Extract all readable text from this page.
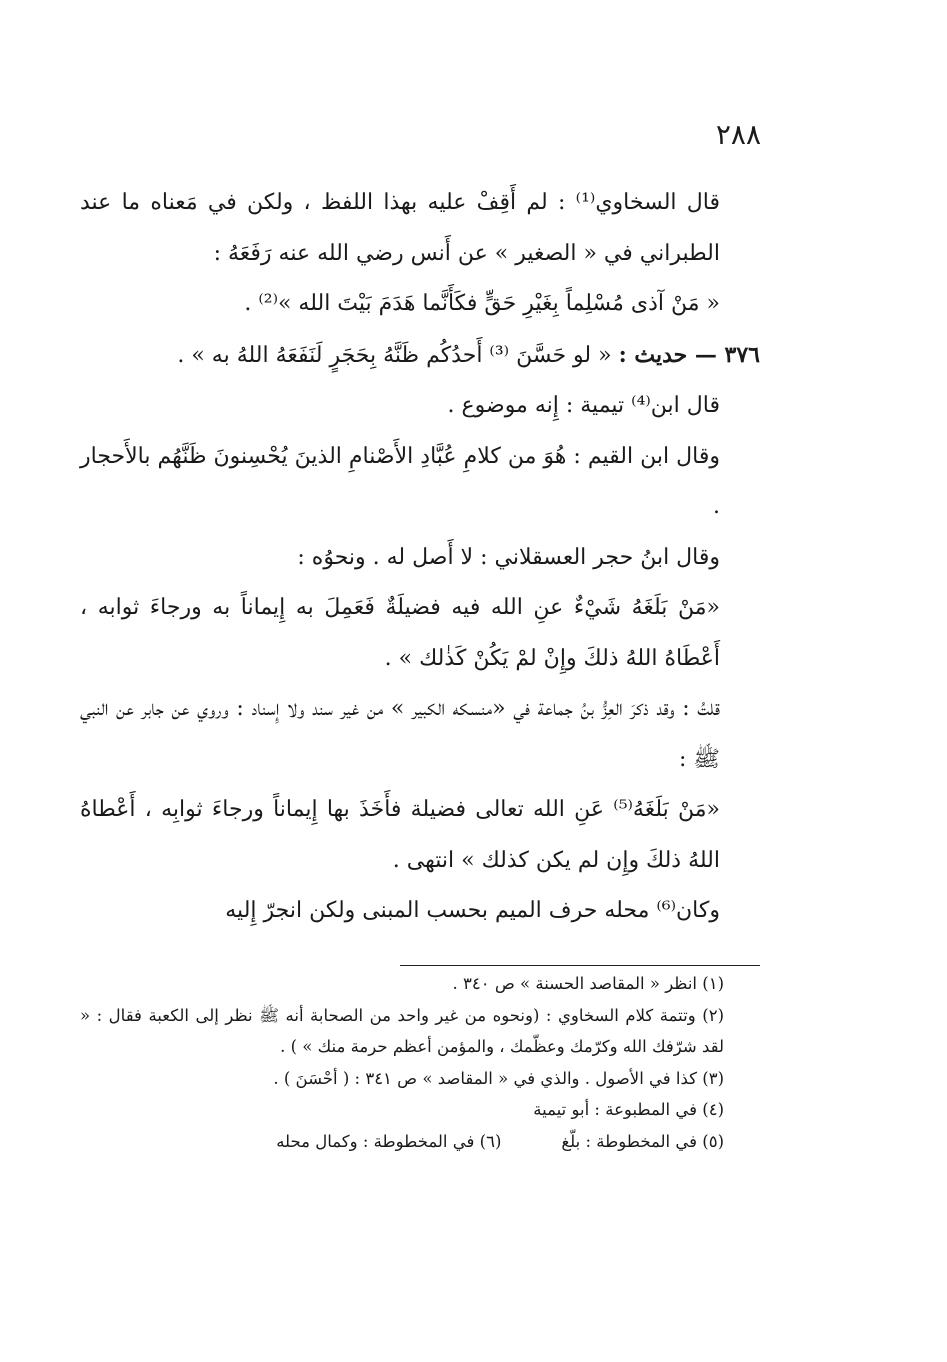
٢٨٨

قال السخاوي⁽¹⁾ : لم أَقِفْ عليه بهذا اللفظ ، ولكن في مَعناه ما عند الطبراني في « الصغير » عن أَنس رضي الله عنه رَفَعَهُ :

« مَنْ آذى مُسْلِماً بِغَيْرِ حَقٍّ فكَأَنَّما هَدَمَ بَيْتَ الله »⁽²⁾ .

٣٧٦ — حديث : « لو حَسَّنَ ⁽³⁾ أَحدُكُم ظَنَّهُ بِحَجَرٍ لَنَفَعَهُ اللهُ به » .

قال ابن⁽⁴⁾ تيمية : إِنه موضوع .

وقال ابن القيم : هُوَ من كلامِ عُبَّادِ الأَصْنامِ الذينَ يُحْسِنونَ ظَنَّهُم بالأَحجار .

وقال ابنُ حجر العسقلاني : لا أَصل له . ونحوُه :

«مَنْ بَلَغَهُ شَيْءٌ عنِ الله فيه فضيلَةٌ فَعَمِلَ به إِيماناً به ورجاءَ ثوابه ، أَعْطَاهُ اللهُ ذلكَ وإِنْ لمْ يَكُنْ كَذٰلك » .

قلتُ : وقد ذكرَ العِزُّ بنُ جماعة في «منسكه الكبير » من غير سند ولا إِسناد : وروي عن جابر عن النبي ﷺ :

«مَنْ بَلَغَهُ⁽⁵⁾ عَنِ الله تعالى فضيلة فأَخَذَ بها إِيماناً ورجاءَ ثوابِه ، أَعْطاهُ اللهُ ذلكَ وإِن لم يكن كذلك » انتهى .

وكان⁽⁶⁾ محله حرف الميم بحسب المبنى ولكن انجرّ إِليه

(١) انظر « المقاصد الحسنة » ص ٣٤٠ .

(٢) وتتمة كلام السخاوي : (ونحوه من غير واحد من الصحابة أنه ﷺ نظر إلى الكعبة فقال : « لقد شرّفك الله وكرّمك وعظّمك ، والمؤمن أعظم حرمة منك » ) .

(٣) كذا في الأصول . والذي في « المقاصد » ص ٣٤١ : ( أحْسَنَ ) .

(٤) في المطبوعة : أبو تيمية

(٥) في المخطوطة : بلّغ
(٦) في المخطوطة : وكمال محله
